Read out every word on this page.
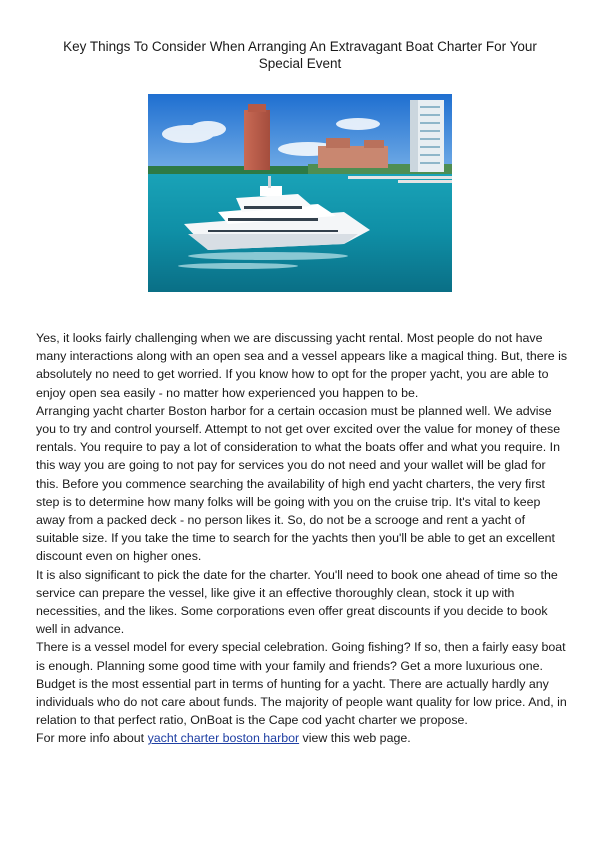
Key Things To Consider When Arranging An Extravagant Boat Charter For Your Special Event

Yes, it looks fairly challenging when we are discussing yacht rental. Most people do not have many interactions along with an open sea and a vessel appears like a magical thing. But, there is absolutely no need to get worried. If you know how to opt for the proper yacht, you are able to enjoy open sea easily - no matter how experienced you happen to be.

Arranging yacht charter Boston harbor for a certain occasion must be planned well. We advise you to try and control yourself. Attempt to not get over excited over the value for money of these rentals. You require to pay a lot of consideration to what the boats offer and what you require. In this way you are going to not pay for services you do not need and your wallet will be glad for this. Before you commence searching the availability of high end yacht charters, the very first step is to determine how many folks will be going with you on the cruise trip. It's vital to keep away from a packed deck - no person likes it. So, do not be a scrooge and rent a yacht of suitable size. If you take the time to search for the yachts then you'll be able to get an excellent discount even on higher ones.

It is also significant to pick the date for the charter. You'll need to book one ahead of time so the service can prepare the vessel, like give it an effective thoroughly clean, stock it up with necessities, and the likes. Some corporations even offer great discounts if you decide to book well in advance.

There is a vessel model for every special celebration. Going fishing? If so, then a fairly easy boat is enough. Planning some good time with your family and friends? Get a more luxurious one. Budget is the most essential part in terms of hunting for a yacht. There are actually hardly any individuals who do not care about funds. The majority of people want quality for low price. And, in relation to that perfect ratio, OnBoat is the Cape cod yacht charter we propose.

For more info about yacht charter boston harbor view this web page.
